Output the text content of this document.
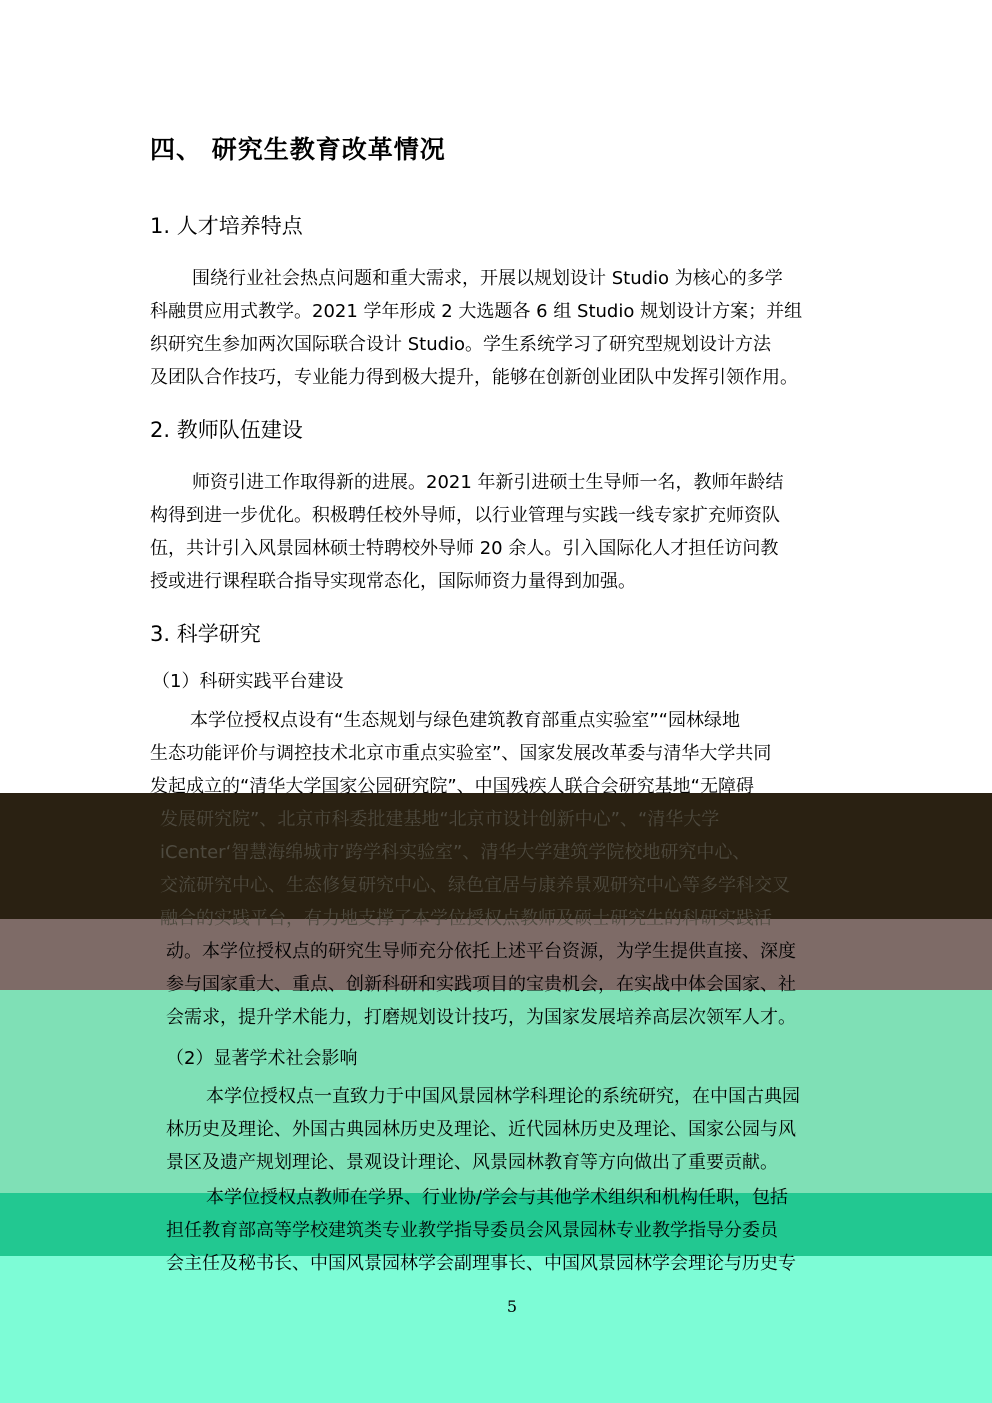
四、 研究生教育改革情况
1. 人才培养特点
围绕行业社会热点问题和重大需求，开展以规划设计 Studio 为核心的多学
科融贯应用式教学。2021 学年形成 2 大选题各 6 组 Studio 规划设计方案；并组
织研究生参加两次国际联合设计 Studio。学生系统学习了研究型规划设计方法
及团队合作技巧，专业能力得到极大提升，能够在创新创业团队中发挥引领作用。
2. 教师队伍建设
师资引进工作取得新的进展。2021 年新引进硕士生导师一名，教师年龄结
构得到进一步优化。积极聘任校外导师，以行业管理与实践一线专家扩充师资队
伍，共计引入风景园林硕士特聘校外导师 20 余人。引入国际化人才担任访问教
授或进行课程联合指导实现常态化，国际师资力量得到加强。
3. 科学研究
（1）科研实践平台建设
本学位授权点设有“生态规划与绿色建筑教育部重点实验室”“园林绿地
生态功能评价与调控技术北京市重点实验室”、国家发展改革委与清华大学共同
发起成立的“清华大学国家公园研究院”、中国残疾人联合会研究基地“无障碍
发展研究院”、北京市科委批建基地“北京市设计创新中心”、“清华大学
iCenter‘智慧海绵城市’跨学科实验室”、清华大学建筑学院校地研究中心、
交流研究中心、生态修复研究中心、绿色宜居与康养景观研究中心等多学科交叉
融合的实践平台，有力地支撑了本学位授权点教师及硕士研究生的科研实践活
动。本学位授权点的研究生导师充分依托上述平台资源，为学生提供直接、深度
参与国家重大、重点、创新科研和实践项目的宝贵机会，在实战中体会国家、社
会需求，提升学术能力，打磨规划设计技巧，为国家发展培养高层次领军人才。
（2）显著学术社会影响
本学位授权点一直致力于中国风景园林学科理论的系统研究，在中国古典园
林历史及理论、外国古典园林历史及理论、近代园林历史及理论、国家公园与风
景区及遗产规划理论、景观设计理论、风景园林教育等方向做出了重要贡献。
本学位授权点教师在学界、行业协/学会与其他学术组织和机构任职，包括
担任教育部高等学校建筑类专业教学指导委员会风景园林专业教学指导分委员
会主任及秘书长、中国风景园林学会副理事长、中国风景园林学会理论与历史专
5
